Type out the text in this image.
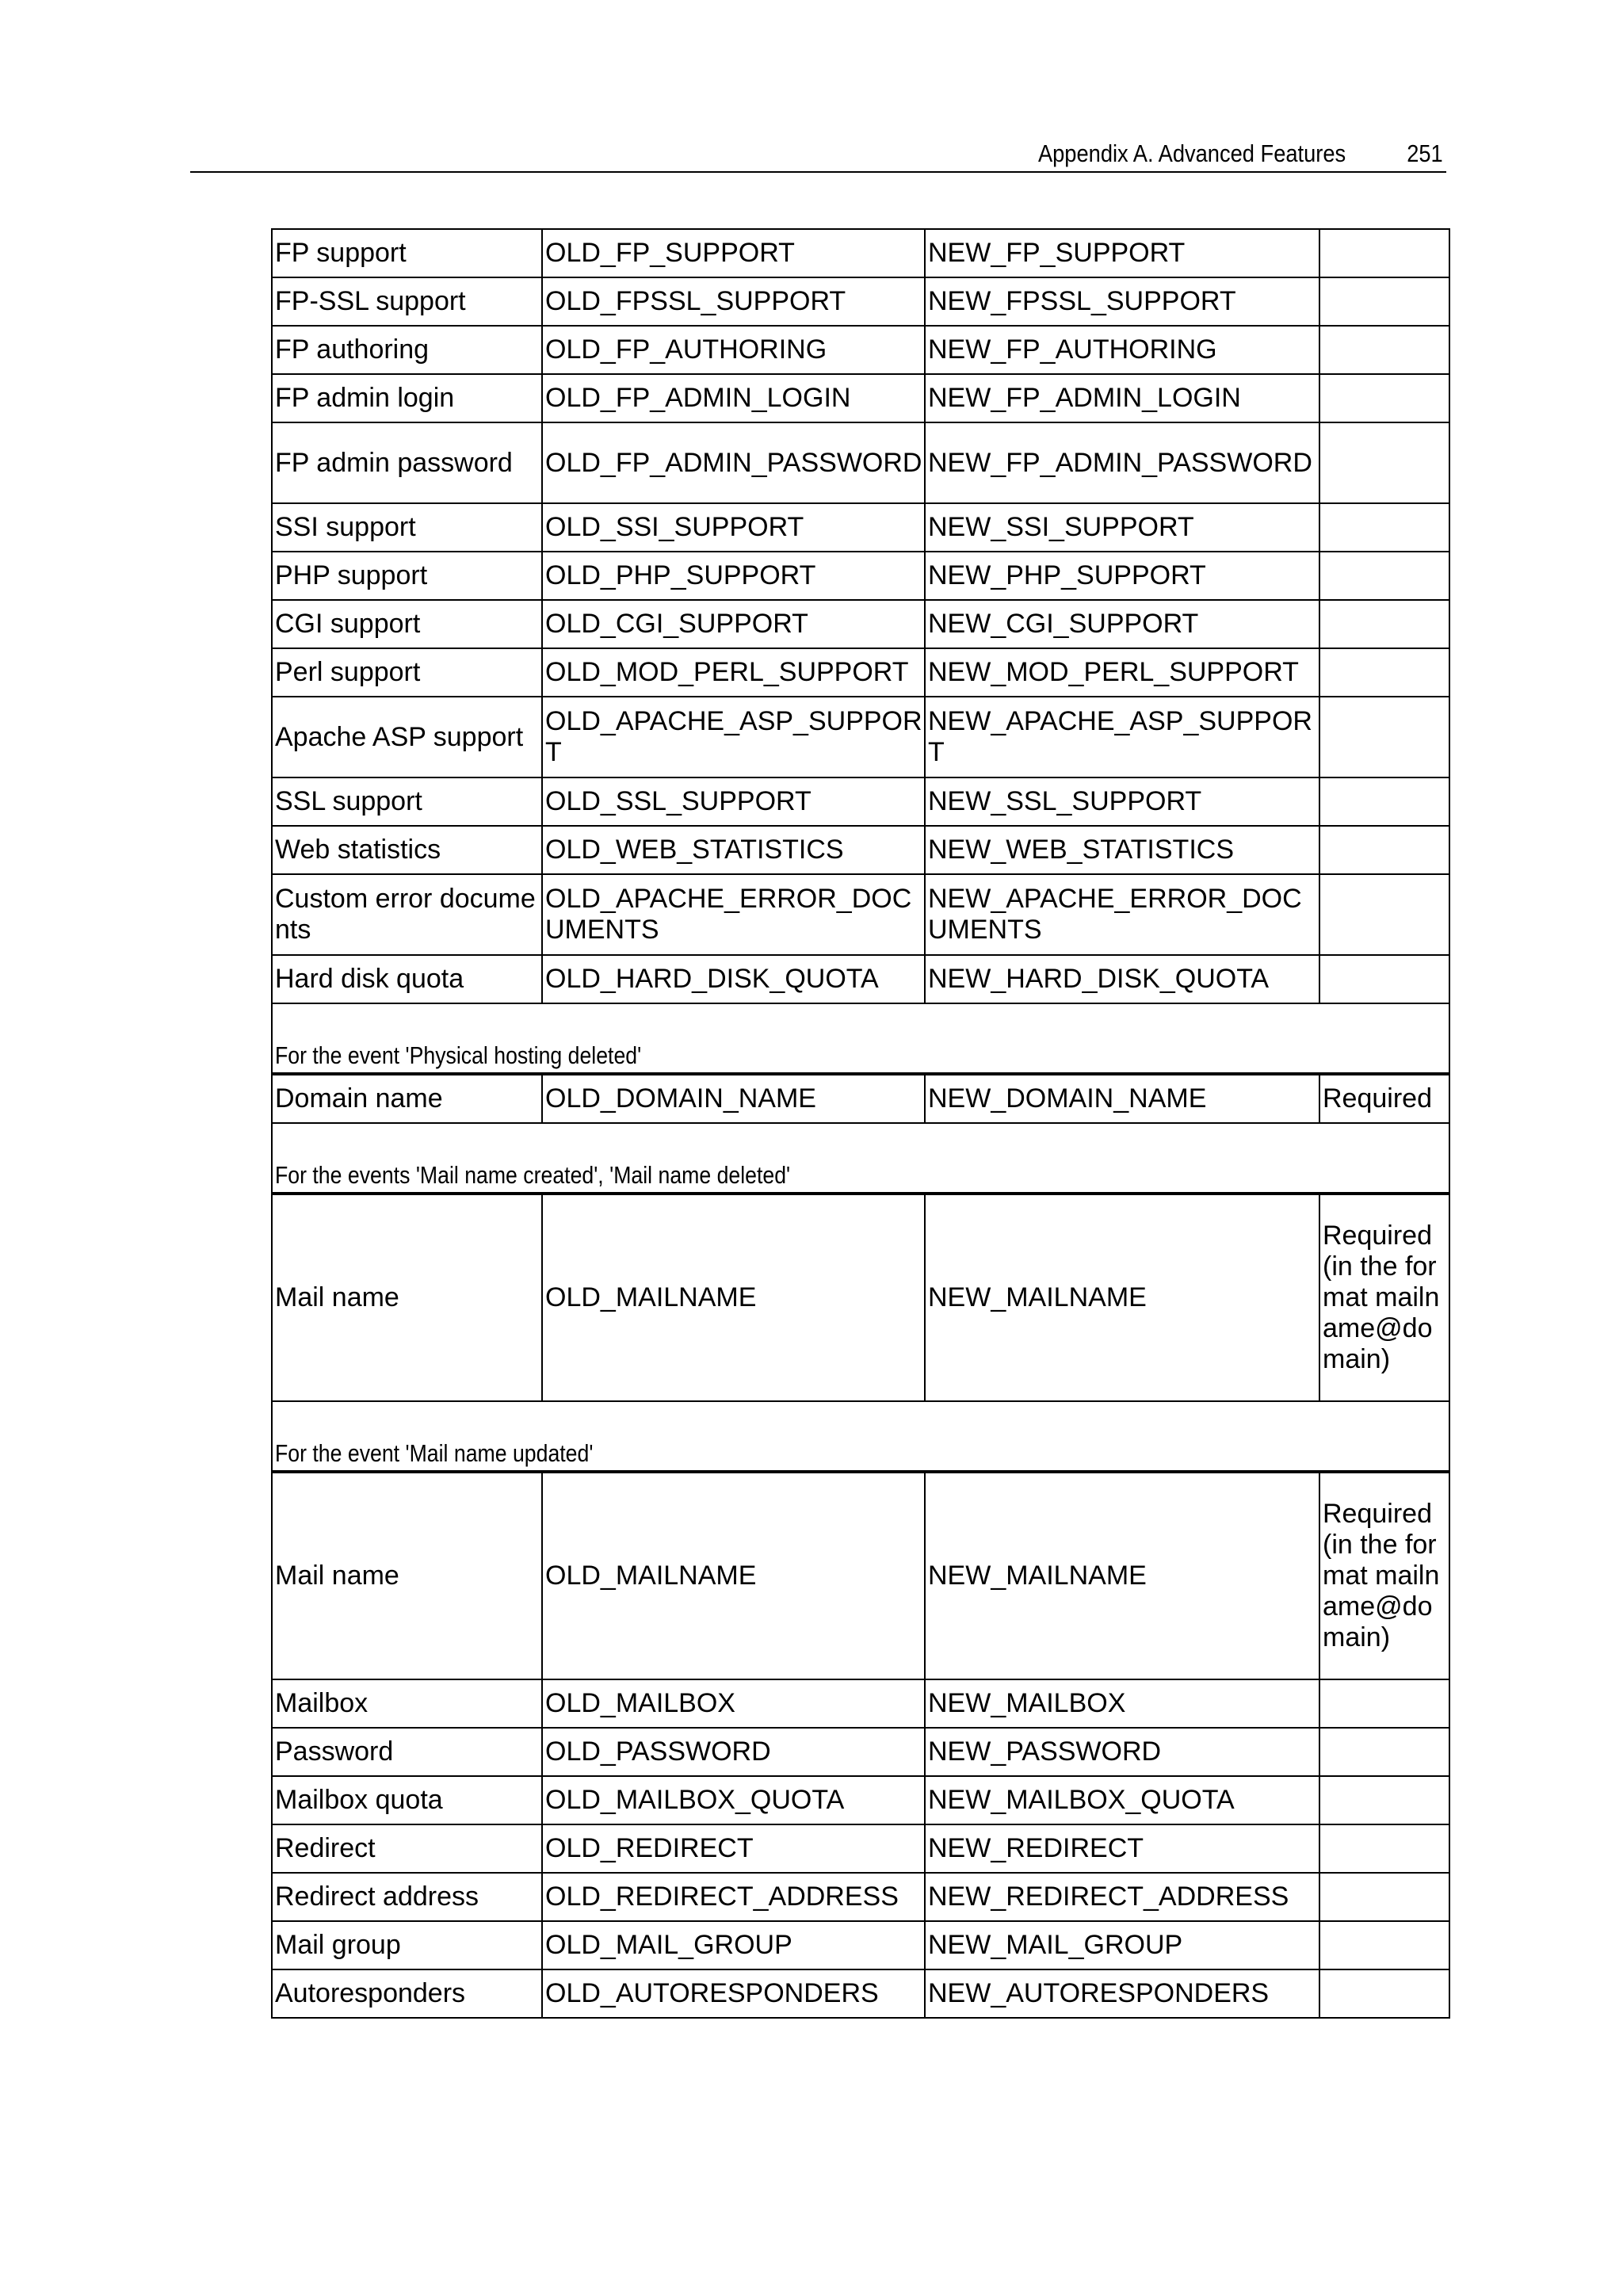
Appendix A. Advanced Features 251
FP support	OLD_FP_SUPPORT	NEW_FP_SUPPORT	
FP-SSL support	OLD_FPSSL_SUPPORT	NEW_FPSSL_SUPPORT	
FP authoring	OLD_FP_AUTHORING	NEW_FP_AUTHORING	
FP admin login	OLD_FP_ADMIN_LOGIN	NEW_FP_ADMIN_LOGIN	
FP admin password	OLD_FP_ADMIN_PASSWORD	NEW_FP_ADMIN_PASSWORD	
SSI support	OLD_SSI_SUPPORT	NEW_SSI_SUPPORT	
PHP support	OLD_PHP_SUPPORT	NEW_PHP_SUPPORT	
CGI support	OLD_CGI_SUPPORT	NEW_CGI_SUPPORT	
Perl support	OLD_MOD_PERL_SUPPORT	NEW_MOD_PERL_SUPPORT	
Apache ASP support	OLD_APACHE_ASP_SUPPORT	NEW_APACHE_ASP_SUPPORT	
SSL support	OLD_SSL_SUPPORT	NEW_SSL_SUPPORT	
Web statistics	OLD_WEB_STATISTICS	NEW_WEB_STATISTICS	
Custom error documents	OLD_APACHE_ERROR_DOCUMENTS	NEW_APACHE_ERROR_DOCUMENTS	
Hard disk quota	OLD_HARD_DISK_QUOTA	NEW_HARD_DISK_QUOTA	
For the event 'Physical hosting deleted'			
Domain name	OLD_DOMAIN_NAME	NEW_DOMAIN_NAME	Required
For the events 'Mail name created', 'Mail name deleted'			
Mail name	OLD_MAILNAME	NEW_MAILNAME	Required (in the format mailname@domain)
For the event 'Mail name updated'			
Mail name	OLD_MAILNAME	NEW_MAILNAME	Required (in the format mailname@domain)
Mailbox	OLD_MAILBOX	NEW_MAILBOX	
Password	OLD_PASSWORD	NEW_PASSWORD	
Mailbox quota	OLD_MAILBOX_QUOTA	NEW_MAILBOX_QUOTA	
Redirect	OLD_REDIRECT	NEW_REDIRECT	
Redirect address	OLD_REDIRECT_ADDRESS	NEW_REDIRECT_ADDRESS	
Mail group	OLD_MAIL_GROUP	NEW_MAIL_GROUP	
Autoresponders	OLD_AUTORESPONDERS	NEW_AUTORESPONDERS	
